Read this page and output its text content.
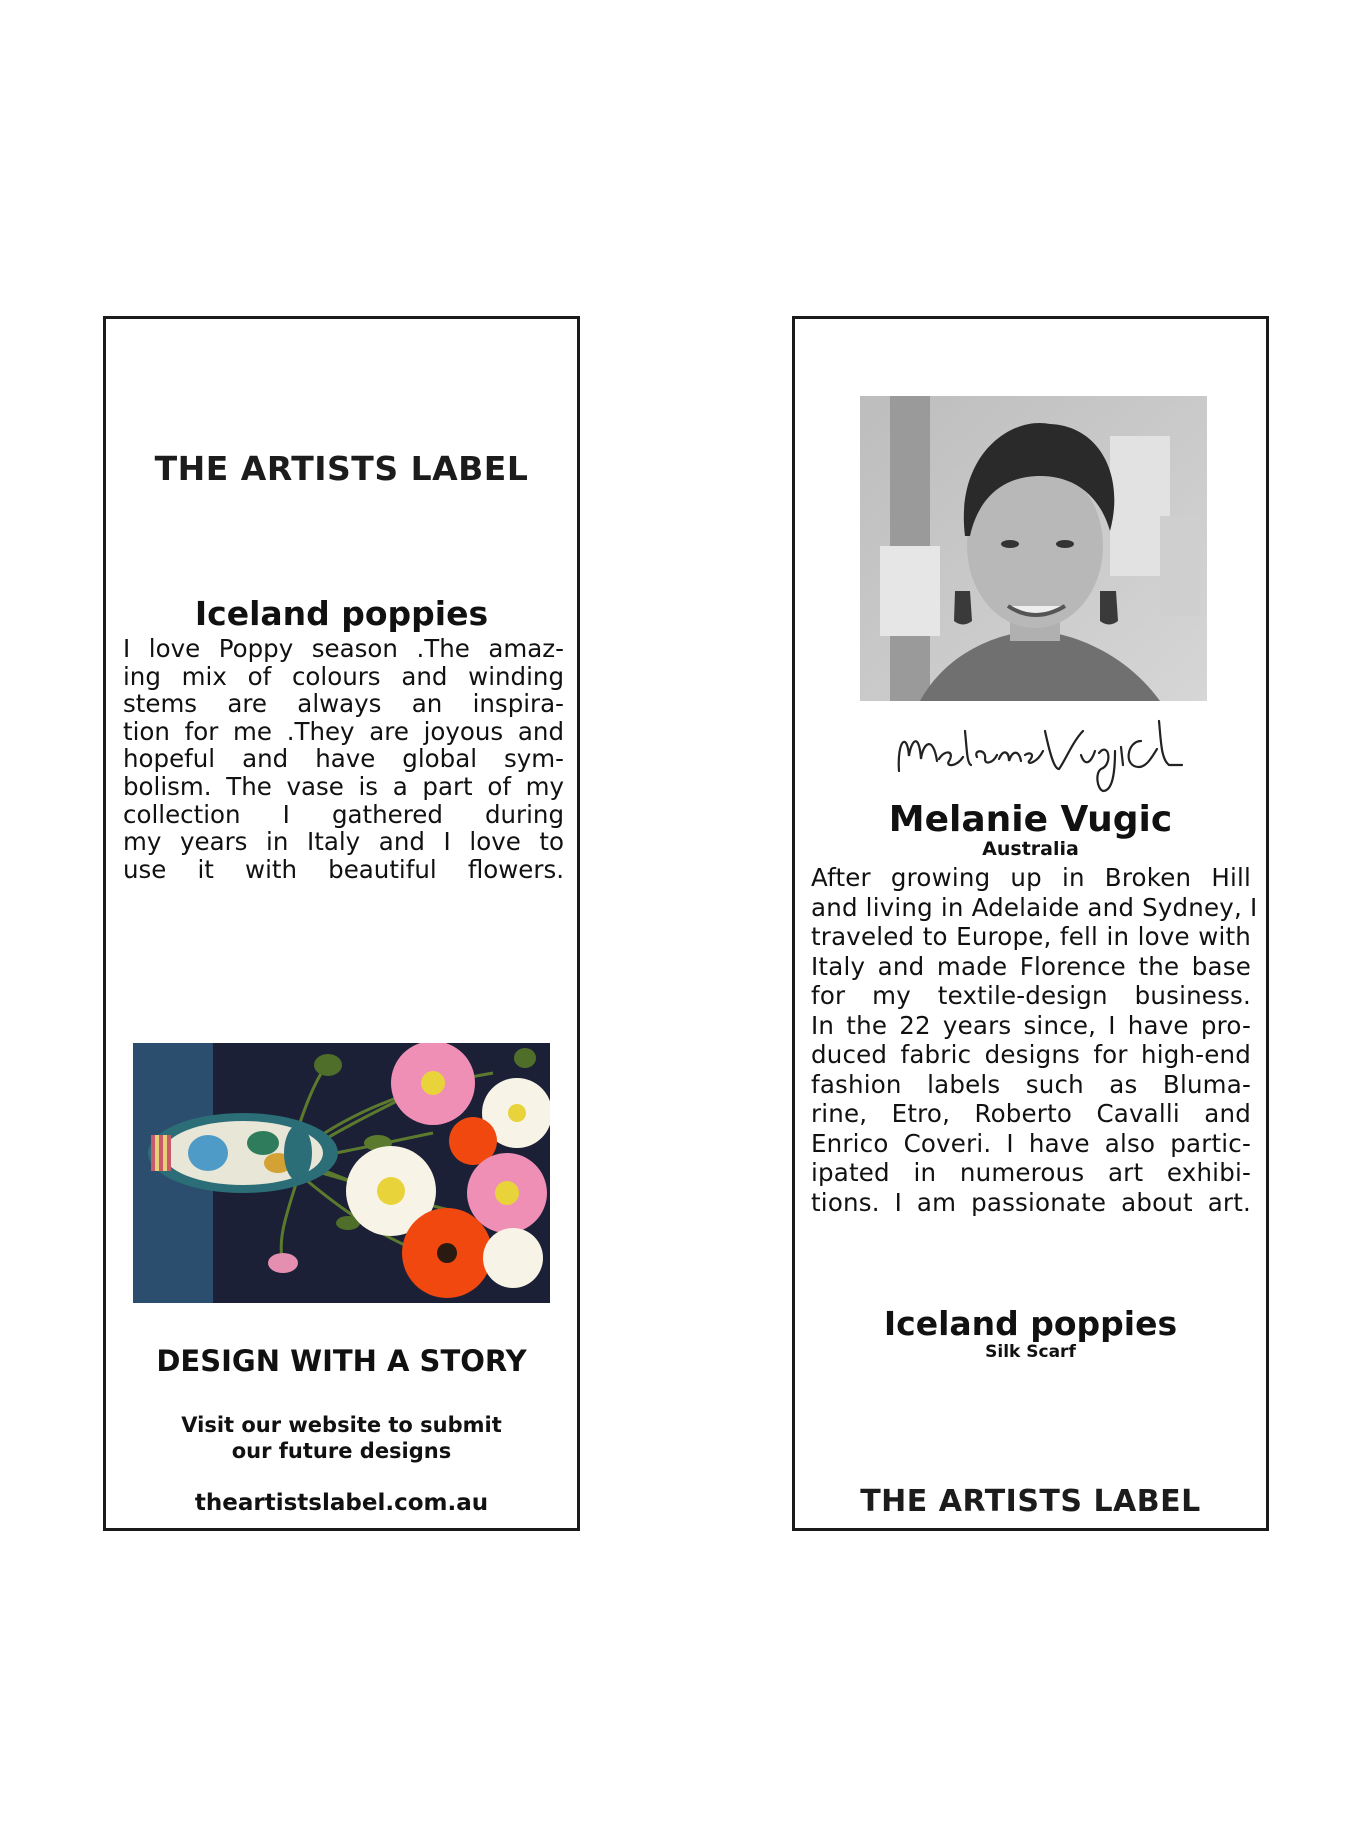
THE ARTISTS LABEL
Iceland poppies
I love Poppy season .The amaz-
ing mix of colours and winding
stems are always an inspira-
tion for me .They are joyous and
hopeful and have global sym-
bolism. The vase is a part of my
collection I gathered during
my years in Italy and I love to
use it with beautiful flowers.
DESIGN WITH A STORY
Visit our website to submit
our future designs
theartistslabel.com.au
Melanie Vugic
Australia
After growing up in Broken Hill
and living in Adelaide and Sydney, I
traveled to Europe, fell in love with
Italy and made Florence the base
for my textile-design business.
In the 22 years since, I have pro-
duced fabric designs for high-end
fashion labels such as Bluma-
rine, Etro, Roberto Cavalli and
Enrico Coveri. I have also partic-
ipated in numerous art exhibi-
tions. I am passionate about art.
Iceland poppies
Silk Scarf
THE ARTISTS LABEL
